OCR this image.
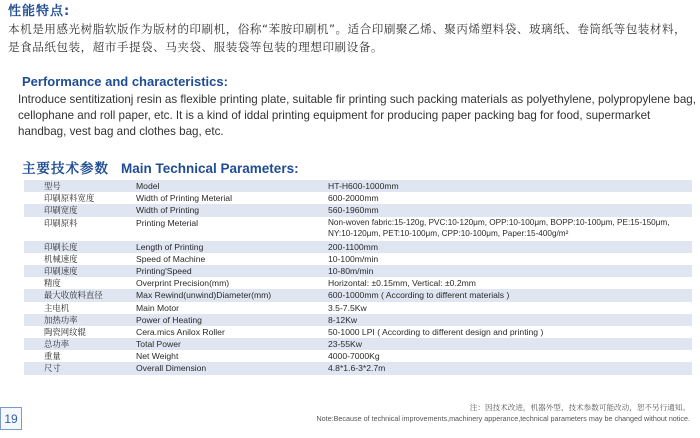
性能特点:
本机是用感光树脂软版作为版材的印刷机，俗称“苯胺印刷机”。适合印刷聚乙烯、聚丙烯塑料袋、玻璃纸、卷筒纸等包装材料，是食品纸包装，超市手提袋、马夹袋、服装袋等包装的理想印刷设备。
Performance and characteristics:
Introduce sentitizationj resin as flexible printing plate, suitable fir printing such packing materials as polyethylene, polypropylene bag, cellophane and roll paper, etc. It is a kind of iddal printing equipment for producing paper packing bag for food, supermarket handbag, vest bag and clothes bag, etc.
主要技术参数 Main Technical Parameters:
型号	Model	HT-H600-1000mm
印刷原料宽度	Width of Printing Meterial	600-2000mm
印刷宽度	Width of Printing	560-1960mm
印刷原料	Printing Meterial	Non-woven fabric:15-120g, PVC:10-120μm, OPP:10-100μm, BOPP:10-100μm, PE:15-150μm, NY:10-120μm, PET:10-100μm, CPP:10-100μm, Paper:15-400g/m²
印刷长度	Length of Printing	200-1100mm
机械速度	Speed of Machine	10-100m/min
印刷速度	Printing'Speed	10-80m/min
精度	Overprint Precision(mm)	Horizontal: ±0.15mm, Vertical: ±0.2mm
最大收放料直径	Max Rewind(unwind)Diameter(mm)	600-1000mm ( According to different materials )
主电机	Main Motor	3.5-7.5Kw
加热功率	Power of Heating	8-12Kw
陶瓷网纹辊	Cera.mics Anilox Roller	50-1000 LPI ( According to different design and printing )
总功率	Total Power	23-55Kw
重量	Net Weight	4000-7000Kg
尺寸	Overall Dimension	4.8*1.6-3*2.7m
19
注：因技术改进，机器外型、技术参数可能改动，恕不另行通知。
Note:Because of technical improvements,machinery apperance,technical parameters may be changed without notice.
